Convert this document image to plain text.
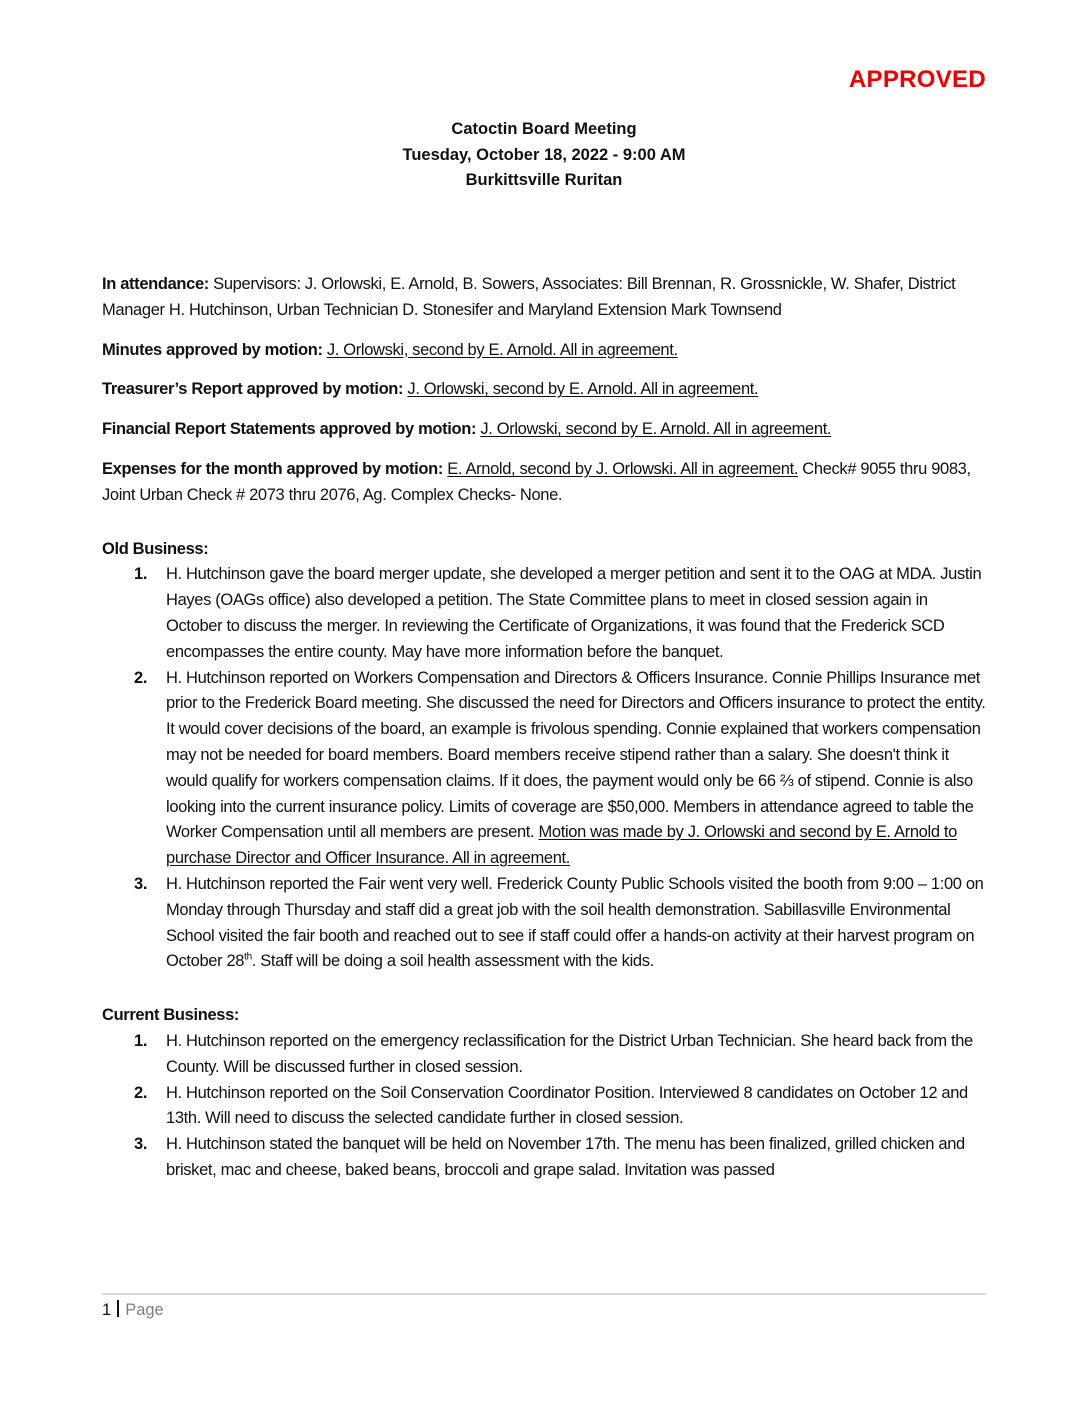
APPROVED
Catoctin Board Meeting
Tuesday, October 18, 2022 - 9:00 AM
Burkittsville Ruritan

In attendance: Supervisors: J. Orlowski, E. Arnold, B. Sowers, Associates: Bill Brennan, R. Grossnickle, W. Shafer, District Manager H. Hutchinson, Urban Technician D. Stonesifer and Maryland Extension Mark Townsend

Minutes approved by motion: J. Orlowski, second by E. Arnold. All in agreement.

Treasurer’s Report approved by motion: J. Orlowski, second by E. Arnold. All in agreement.

Financial Report Statements approved by motion: J. Orlowski, second by E. Arnold. All in agreement.

Expenses for the month approved by motion: E. Arnold, second by J. Orlowski. All in agreement. Check# 9055 thru 9083, Joint Urban Check # 2073 thru 2076, Ag. Complex Checks- None.

Old Business:

1. H. Hutchinson gave the board merger update, she developed a merger petition and sent it to the OAG at MDA. Justin Hayes (OAGs office) also developed a petition. The State Committee plans to meet in closed session again in October to discuss the merger. In reviewing the Certificate of Organizations, it was found that the Frederick SCD encompasses the entire county. May have more information before the banquet.
2. H. Hutchinson reported on Workers Compensation and Directors & Officers Insurance. Connie Phillips Insurance met prior to the Frederick Board meeting. She discussed the need for Directors and Officers insurance to protect the entity. It would cover decisions of the board, an example is frivolous spending. Connie explained that workers compensation may not be needed for board members. Board members receive stipend rather than a salary. She doesn't think it would qualify for workers compensation claims. If it does, the payment would only be 66 ⅔ of stipend. Connie is also looking into the current insurance policy. Limits of coverage are $50,000. Members in attendance agreed to table the Worker Compensation until all members are present. Motion was made by J. Orlowski and second by E. Arnold to purchase Director and Officer Insurance. All in agreement.
3. H. Hutchinson reported the Fair went very well. Frederick County Public Schools visited the booth from 9:00 – 1:00 on Monday through Thursday and staff did a great job with the soil health demonstration. Sabillasville Environmental School visited the fair booth and reached out to see if staff could offer a hands-on activity at their harvest program on October 28th. Staff will be doing a soil health assessment with the kids.

Current Business:

1. H. Hutchinson reported on the emergency reclassification for the District Urban Technician. She heard back from the County. Will be discussed further in closed session.
2. H. Hutchinson reported on the Soil Conservation Coordinator Position. Interviewed 8 candidates on October 12 and 13th. Will need to discuss the selected candidate further in closed session.
3. H. Hutchinson stated the banquet will be held on November 17th. The menu has been finalized, grilled chicken and brisket, mac and cheese, baked beans, broccoli and grape salad. Invitation was passed
1 Page
